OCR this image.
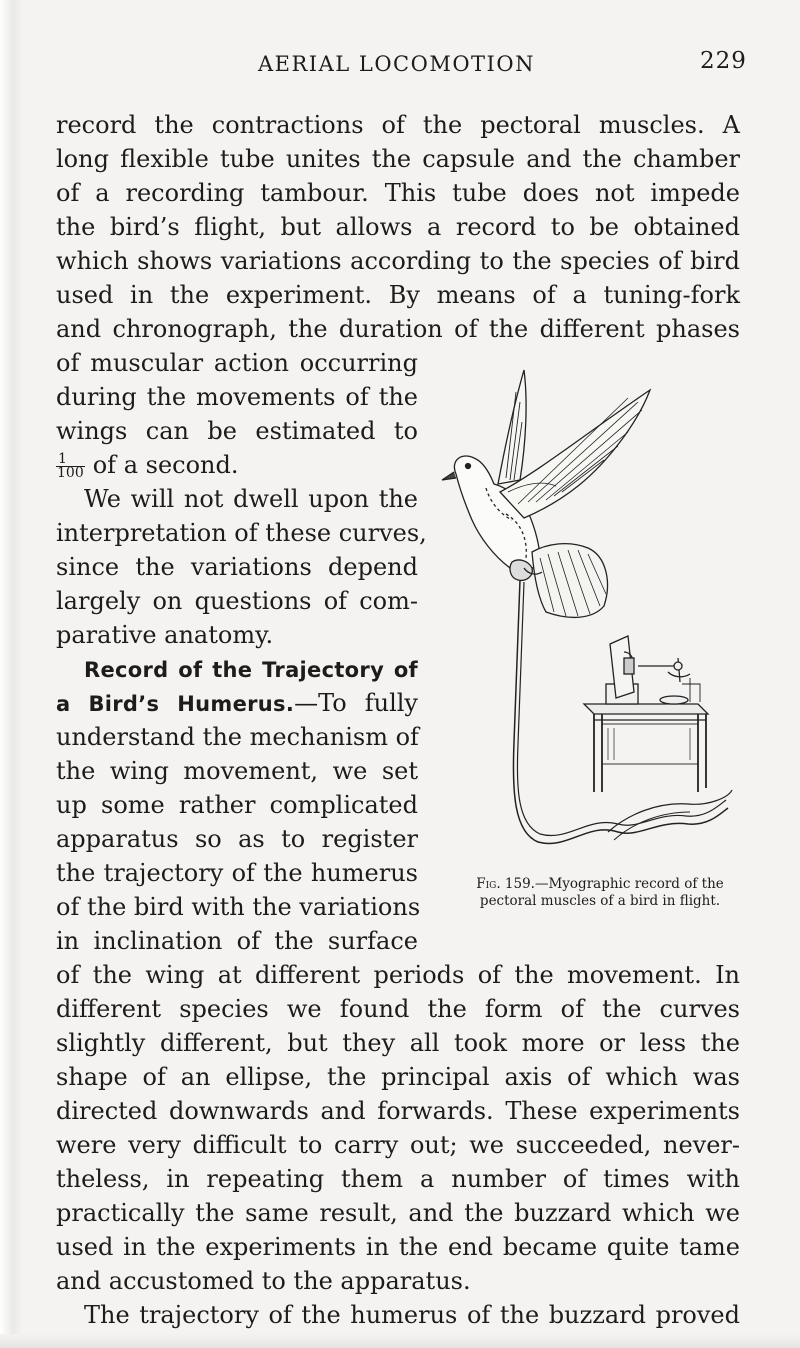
AERIAL LOCOMOTION	229
record the contractions of the pectoral muscles. A
long flexible tube unites the capsule and the chamber
of a recording tambour. This tube does not impede
the bird’s flight, but allows a record to be obtained
which shows variations according to the species of bird
used in the experiment. By means of a tuning-fork
and chronograph, the duration of the different phases
of muscular action occurring
during the movements of the
wings can be estimated to
$\frac{1}{100}$ of a second.
We will not dwell upon the
interpretation of these curves,
since the variations depend
largely on questions of com-
parative anatomy.
Record of the Trajectory of
a Bird’s Humerus.—To fully
understand the mechanism of
the wing movement, we set
up some rather complicated
apparatus so as to register
the trajectory of the humerus
of the bird with the variations
in inclination of the surface
Fig. 159.—Myographic record of the
pectoral muscles of a bird in flight.
of the wing at different periods of the movement. In
different species we found the form of the curves
slightly different, but they all took more or less the
shape of an ellipse, the principal axis of which was
directed downwards and forwards. These experiments
were very difficult to carry out; we succeeded, never-
theless, in repeating them a number of times with
practically the same result, and the buzzard which we
used in the experiments in the end became quite tame
and accustomed to the apparatus.
The trajectory of the humerus of the buzzard proved
